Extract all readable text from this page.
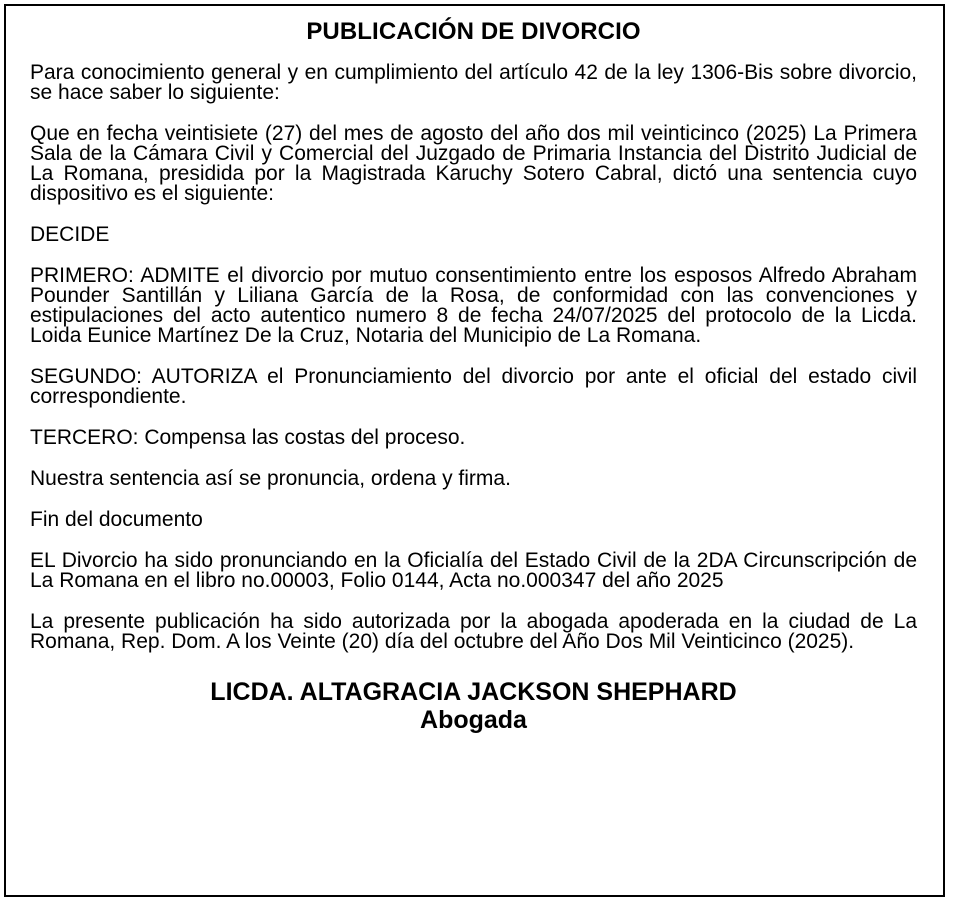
PUBLICACIÓN DE DIVORCIO

Para conocimiento general y en cumplimiento del artículo 42 de la ley 1306-Bis sobre divorcio, se hace saber lo siguiente:

Que en fecha veintisiete (27) del mes de agosto del año dos mil veinticinco (2025) La Primera Sala de la Cámara Civil y Comercial del Juzgado de Primaria Instancia del Distrito Judicial de La Romana, presidida por la Magistrada Karuchy Sotero Cabral, dictó una sentencia cuyo dispositivo es el siguiente:

DECIDE

PRIMERO: ADMITE el divorcio por mutuo consentimiento entre los esposos Alfredo Abraham Pounder Santillán y Liliana García de la Rosa, de conformidad con las convenciones y estipulaciones del acto autentico numero 8 de fecha 24/07/2025 del protocolo de la Licda. Loida Eunice Martínez De la Cruz, Notaria del Municipio de La Romana.

SEGUNDO: AUTORIZA el Pronunciamiento del divorcio por ante el oficial del estado civil correspondiente.

TERCERO: Compensa las costas del proceso.

Nuestra sentencia así se pronuncia, ordena y firma.

Fin del documento

EL Divorcio ha sido pronunciando en la Oficialía del Estado Civil de la 2DA Circunscripción de La Romana en el libro no.00003, Folio 0144, Acta no.000347 del año 2025

La presente publicación ha sido autorizada por la abogada apoderada en la ciudad de La Romana, Rep. Dom. A los Veinte (20) día del octubre del Año Dos Mil Veinticinco (2025).

LICDA. ALTAGRACIA JACKSON SHEPHARD
Abogada
